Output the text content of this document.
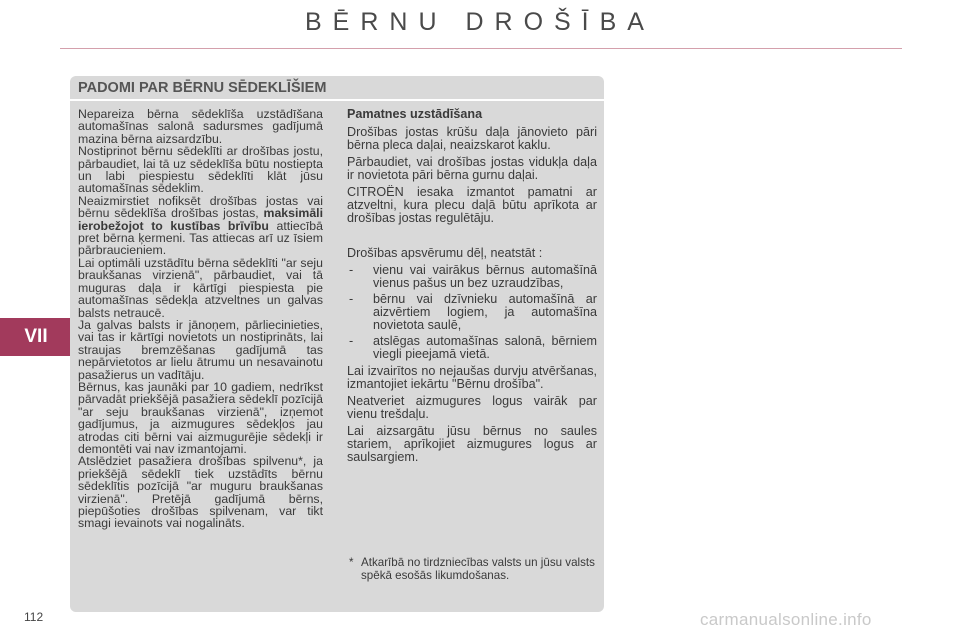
BĒRNU DROŠĪBA
VII
112	carmanualsonline.info
PADOMI PAR BĒRNU SĒDEKLĪŠIEM

Nepareiza bērna sēdeklīša uzstādīšana automašīnas salonā sadursmes gadījumā mazina bērna aizsardzību.

Nostiprinot bērnu sēdeklīti ar drošības jostu, pārbaudiet, lai tā uz sēdeklīša būtu nostiepta un labi piespiestu sēdeklīti klāt jūsu automašīnas sēdeklim.

Neaizmirstiet nofiksēt drošības jostas vai bērnu sēdeklīša drošības jostas, maksimāli ierobežojot to kustības brīvību attiecībā pret bērna ķermeni. Tas attiecas arī uz īsiem pārbraucieniem.

Lai optimāli uzstādītu bērna sēdeklīti "ar seju braukšanas virzienā", pārbaudiet, vai tā muguras daļa ir kārtīgi piespiesta pie automašīnas sēdekļa atzveltnes un galvas balsts netraucē.

Ja galvas balsts ir jānoņem, pārliecinieties, vai tas ir kārtīgi novietots un nostiprināts, lai straujas bremzēšanas gadījumā tas nepārvietotos ar lielu ātrumu un nesavainotu pasažierus un vadītāju.

Bērnus, kas jaunāki par 10 gadiem, nedrīkst pārvadāt priekšējā pasažiera sēdeklī pozīcijā "ar seju braukšanas virzienā", izņemot gadījumus, ja aizmugures sēdekļos jau atrodas citi bērni vai aizmugurējie sēdekļi ir demontēti vai nav izmantojami.

Atslēdziet pasažiera drošības spilvenu*, ja priekšējā sēdeklī tiek uzstādīts bērnu sēdeklītis pozīcijā "ar muguru braukšanas virzienā". Pretējā gadījumā bērns, piepūšoties drošības spilvenam, var tikt smagi ievainots vai nogalināts.

Pamatnes uzstādīšana

Drošības jostas krūšu daļa jānovieto pāri bērna pleca daļai, neaizskarot kaklu.

Pārbaudiet, vai drošības jostas vidukļa daļa ir novietota pāri bērna gurnu daļai.

CITROËN iesaka izmantot pamatni ar atzveltni, kura plecu daļā būtu aprīkota ar drošības jostas regulētāju.

Drošības apsvērumu dēļ, neatstāt :

- vienu vai vairākus bērnus automašīnā vienus pašus un bez uzraudzības,
- bērnu vai dzīvnieku automašīnā ar aizvērtiem logiem, ja automašīna novietota saulē,
- atslēgas automašīnas salonā, bērniem viegli pieejamā vietā.

Lai izvairītos no nejaušas durvju atvēršanas, izmantojiet iekārtu "Bērnu drošība".

Neatveriet aizmugures logus vairāk par vienu trešdaļu.

Lai aizsargātu jūsu bērnus no saules stariem, aprīkojiet aizmugures logus ar saulsargiem.

* Atkarībā no tirdzniecības valsts un jūsu valsts spēkā esošās likumdošanas.
